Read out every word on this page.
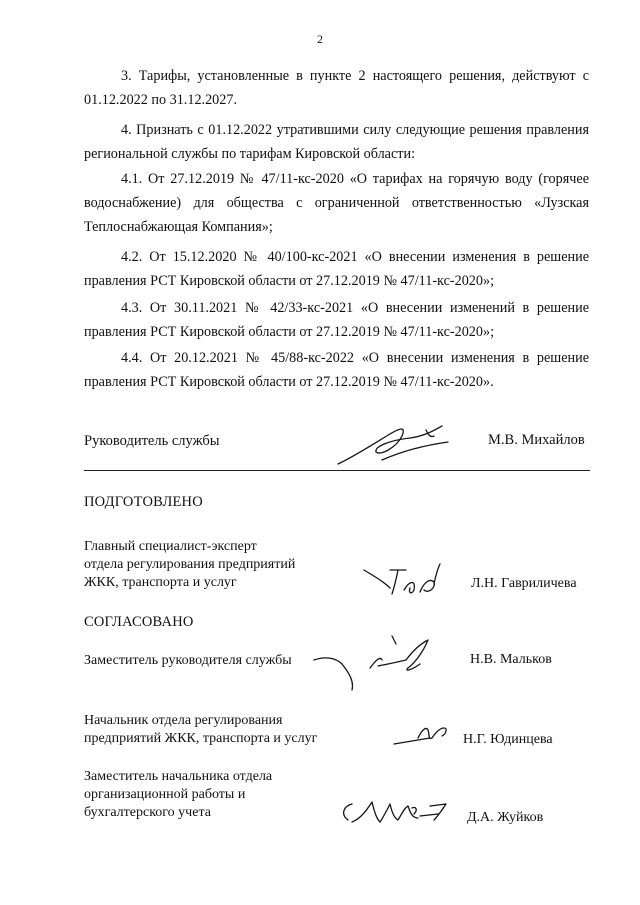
2
3. Тарифы, установленные в пункте 2 настоящего решения, действуют с 01.12.2022 по 31.12.2027.
4. Признать с 01.12.2022 утратившими силу следующие решения правления региональной службы по тарифам Кировской области:
4.1. От 27.12.2019 № 47/11-кс-2020 «О тарифах на горячую воду (горячее водоснабжение) для общества с ограниченной ответственностью «Лузская Теплоснабжающая Компания»;
4.2. От 15.12.2020 № 40/100-кс-2021 «О внесении изменения в решение правления РСТ Кировской области от 27.12.2019 № 47/11-кс-2020»;
4.3. От 30.11.2021 № 42/33-кс-2021 «О внесении изменений в решение правления РСТ Кировской области от 27.12.2019 № 47/11-кс-2020»;
4.4. От 20.12.2021 № 45/88-кс-2022 «О внесении изменения в решение правления РСТ Кировской области от 27.12.2019 № 47/11-кс-2020».
Руководитель службы	М.В. Михайлов
ПОДГОТОВЛЕНО
Главный специалист-эксперт
отдела регулирования предприятий
ЖКК, транспорта и услуг	Л.Н. Гавриличева
СОГЛАСОВАНО
Заместитель руководителя службы	Н.В. Мальков
Начальник отдела регулирования
предприятий ЖКК, транспорта и услуг	Н.Г. Юдинцева
Заместитель начальника отдела
организационной работы и
бухгалтерского учета	Д.А. Жуйков
